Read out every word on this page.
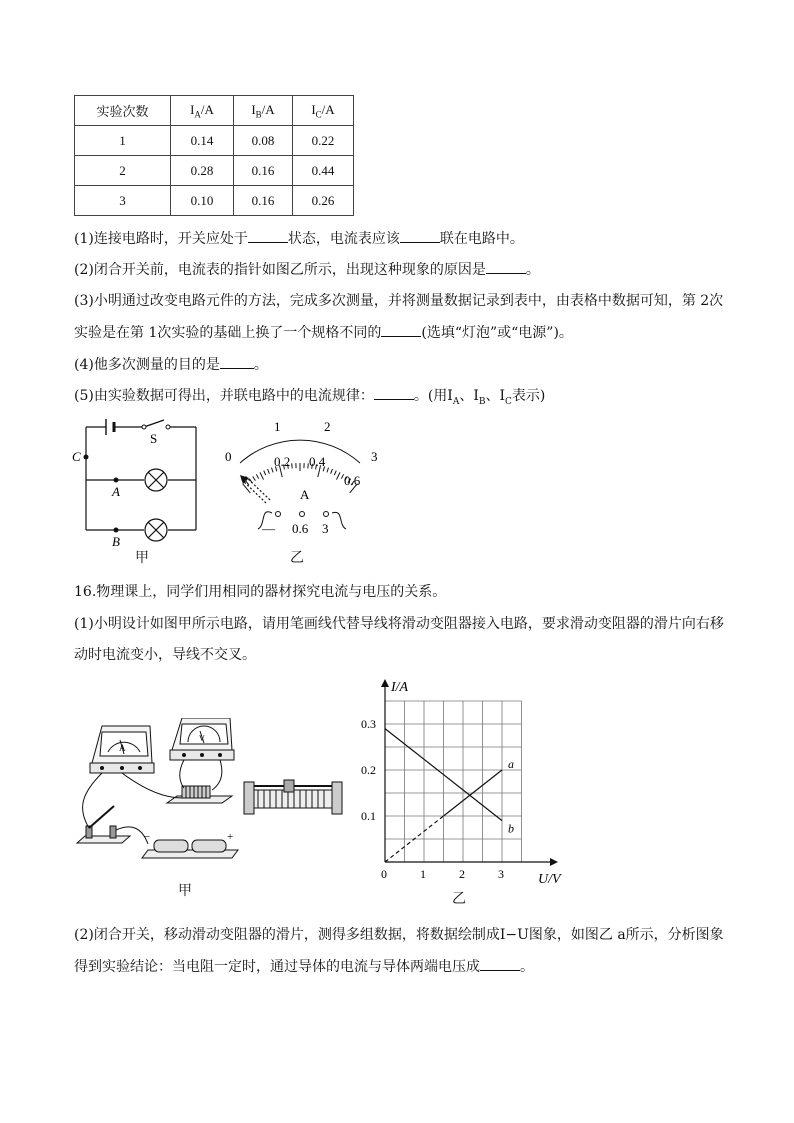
实验次数	$I_A/A$	$I_B/A$	$I_C/A$
1	0.14	0.08	0.22
2	0.28	0.16	0.44
3	0.10	0.16	0.26
(1)连接电路时，开关应处于	状态，电流表应该	联在电路中。
(2)闭合开关前，电流表的指针如图乙所示，出现这种现象的原因是	。
(3)小明通过改变电路元件的方法，完成多次测量，并将测量数据记录到表中，由表格中数据可知，第 2次
实验是在第 1次实验的基础上换了一个规格不同的	(选填“灯泡”或“电源”)。
(4)他多次测量的目的是 。
(5)由实验数据可得出，并联电路中的电流规律：	。(用$I_A$、$I_B$、$I_C$表示)
C
A
B
S
甲
1	2
0	3
0.2 0.4
0.6
A
— 0.6 3
乙
16.物理课上，同学们用相同的器材探究电流与电压的关系。
(1)小明设计如图甲所示电路，请用笔画线代替导线将滑动变阻器接入电路，要求滑动变阻器的滑片向右移
动时电流变小，导线不交叉。
A
V
−	+
甲
I/A
U/V
0	1	2	3
0.1
0.2
0.3
a
b
乙
(2)闭合开关，移动滑动变阻器的滑片，测得多组数据，将数据绘制成I−U图象，如图乙 a所示，分析图象
得到实验结论：当电阻一定时，通过导体的电流与导体两端电压成	。
